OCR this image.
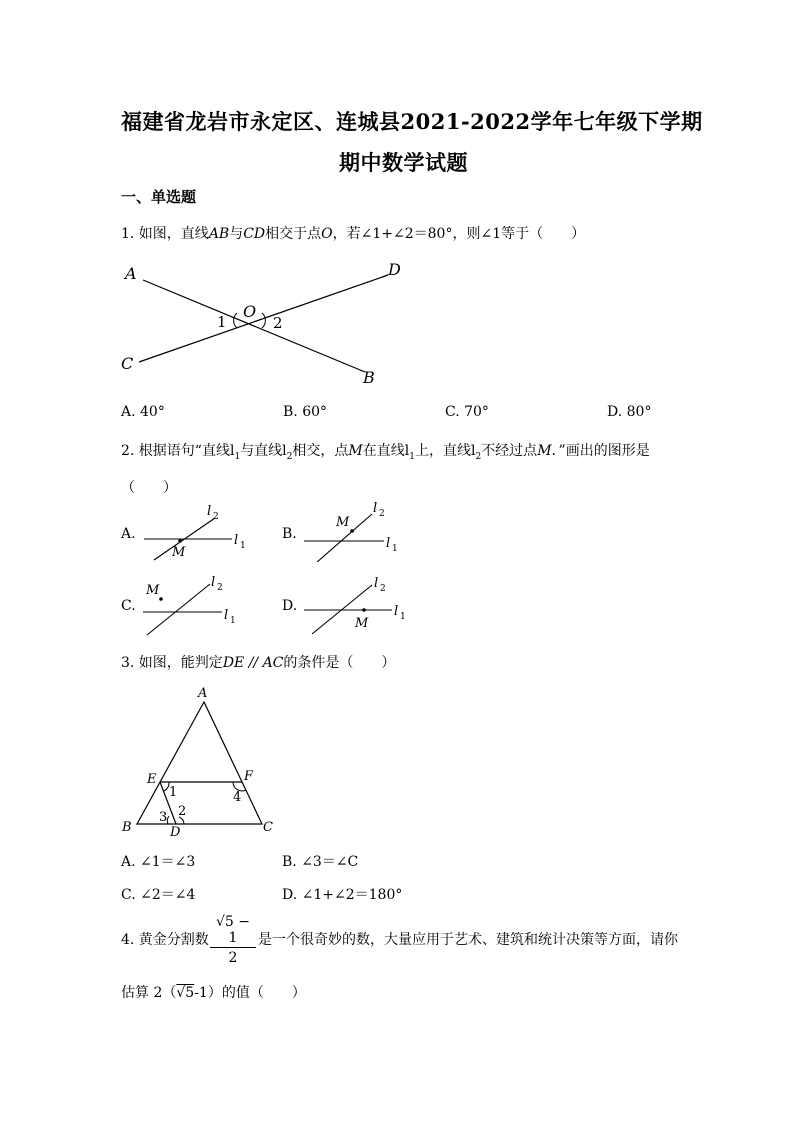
福建省龙岩市永定区、连城县2021-2022学年七年级下学期
期中数学试题
一、单选题
1. 如图，直线AB与CD相交于点O，若∠1+∠2＝80°，则∠1等于（　　）
A	D
O
1	2
C
B
A. 40°	B. 60°	C. 70°	D. 80°
2. 根据语句“直线$l_1$与直线$l_2$相交，点M在直线$l_1$上，直线$l_2$不经过点M．”画出的图形是
（　　）
A.
M
l 1
l 2
B.
M
l 1
l 2
C.
M
l 1
l 2
D.
M
l 1
l 2
3. 如图，能判定DE // AC的条件是（　　）
A
E	F
1	4
2
3
B	D	C
A. ∠1＝∠3	B. ∠3＝∠C
C. ∠2＝∠4	D. ∠1+∠2＝180°
4. 黄金分割数 $\frac{√5 - 1}{2}$ 是一个很奇妙的数，大量应用于艺术、建筑和统计决策等方面，请你
估算 2（√5-1）的值（　　）
